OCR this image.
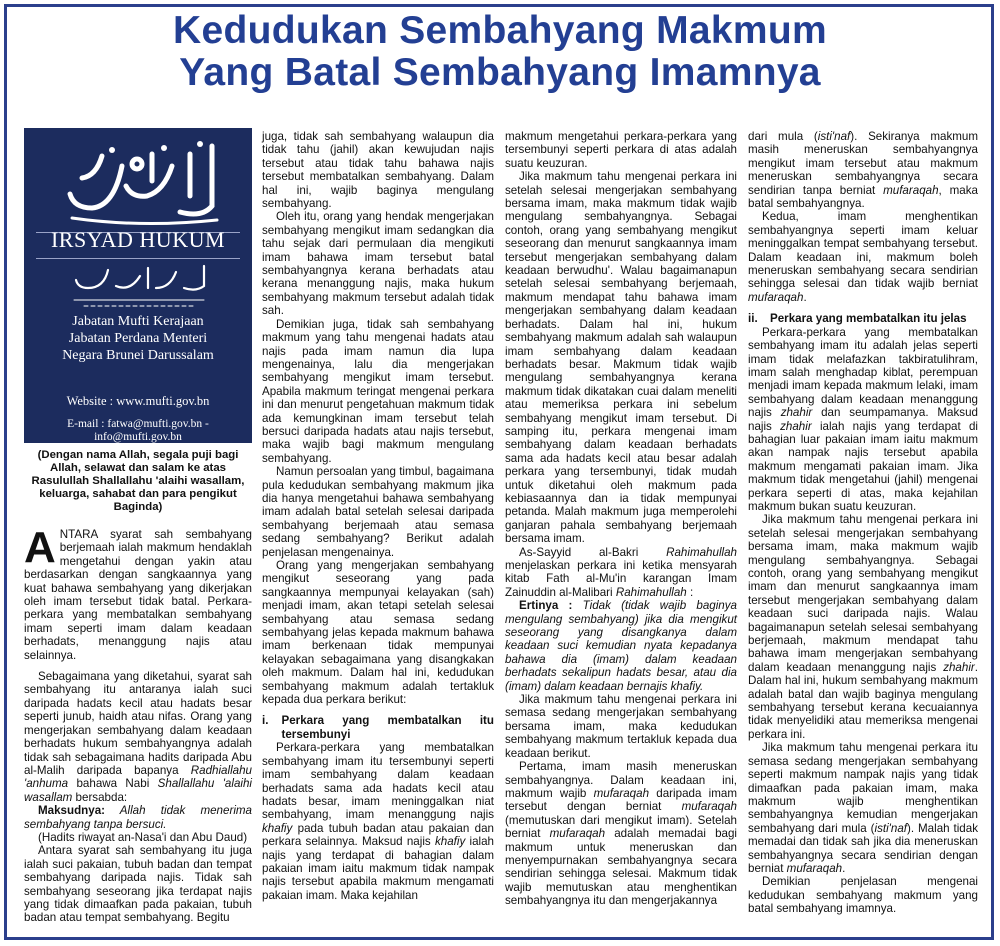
Kedudukan Sembahyang Makmum
Yang Batal Sembahyang Imamnya
IRSYAD HUKUM
Jabatan Mufti Kerajaan
Jabatan Perdana Menteri
Negara Brunei Darussalam
Website : www.mufti.gov.bn
E-mail : fatwa@mufti.gov.bn - info@mufti.gov.bn
(Dengan nama Allah, segala puji bagi Allah, selawat dan salam ke atas Rasulullah Shallallahu 'alaihi wasallam, keluarga, sahabat dan para pengikut Baginda)

ANTARA syarat sah sembahyang berjemaah ialah makmum hendaklah mengetahui dengan yakin atau berdasarkan dengan sangkaannya yang kuat bahawa sembahyang yang dikerjakan oleh imam tersebut tidak batal. Perkara-perkara yang membatalkan sembahyang imam seperti imam dalam keadaan berhadats, menanggung najis atau selainnya.

Sebagaimana yang diketahui, syarat sah sembahyang itu antaranya ialah suci daripada hadats kecil atau hadats besar seperti junub, haidh atau nifas. Orang yang mengerjakan sembahyang dalam keadaan berhadats hukum sembahyangnya adalah tidak sah sebagaimana hadits daripada Abu al-Malih daripada bapanya Radhiallahu 'anhuma bahawa Nabi Shallallahu 'alaihi wasallam bersabda:

Maksudnya: Allah tidak menerima sembahyang tanpa bersuci.

(Hadits riwayat an-Nasa'i dan Abu Daud)

Antara syarat sah sembahyang itu juga ialah suci pakaian, tubuh badan dan tempat sembahyang daripada najis. Tidak sah sembahyang seseorang jika terdapat najis yang tidak dimaafkan pada pakaian, tubuh badan atau tempat sembahyang. Begitu

juga, tidak sah sembahyang walaupun dia tidak tahu (jahil) akan kewujudan najis tersebut atau tidak tahu bahawa najis tersebut membatalkan sembahyang. Dalam hal ini, wajib baginya mengulang sembahyang.

Oleh itu, orang yang hendak mengerjakan sembahyang mengikut imam sedangkan dia tahu sejak dari permulaan dia mengikuti imam bahawa imam tersebut batal sembahyangnya kerana berhadats atau kerana menanggung najis, maka hukum sembahyang makmum tersebut adalah tidak sah.

Demikian juga, tidak sah sembahyang makmum yang tahu mengenai hadats atau najis pada imam namun dia lupa mengenainya, lalu dia mengerjakan sembahyang mengikut imam tersebut. Apabila makmum teringat mengenai perkara ini dan menurut pengetahuan makmum tidak ada kemungkinan imam tersebut telah bersuci daripada hadats atau najis tersebut, maka wajib bagi makmum mengulang sembahyang.

Namun persoalan yang timbul, bagaimana pula kedudukan sembahyang makmum jika dia hanya mengetahui bahawa sembahyang imam adalah batal setelah selesai daripada sembahyang berjemaah atau semasa sedang sembahyang? Berikut adalah penjelasan mengenainya.

Orang yang mengerjakan sembahyang mengikut seseorang yang pada sangkaannya mempunyai kelayakan (sah) menjadi imam, akan tetapi setelah selesai sembahyang atau semasa sedang sembahyang jelas kepada makmum bahawa imam berkenaan tidak mempunyai kelayakan sebagaimana yang disangkakan oleh makmum. Dalam hal ini, kedudukan sembahyang makmum adalah tertakluk kepada dua perkara berikut:

i.	Perkara yang membatalkan itu tersembunyi

Perkara-perkara yang membatalkan sembahyang imam itu tersembunyi seperti imam sembahyang dalam keadaan berhadats sama ada hadats kecil atau hadats besar, imam meninggalkan niat sembahyang, imam menanggung najis khafiy pada tubuh badan atau pakaian dan perkara selainnya. Maksud najis khafiy ialah najis yang terdapat di bahagian dalam pakaian imam iaitu makmum tidak nampak najis tersebut apabila makmum mengamati pakaian imam. Maka kejahilan

makmum mengetahui perkara-perkara yang tersembunyi seperti perkara di atas adalah suatu keuzuran.

Jika makmum tahu mengenai perkara ini setelah selesai mengerjakan sembahyang bersama imam, maka makmum tidak wajib mengulang sembahyangnya. Sebagai contoh, orang yang sembahyang mengikut seseorang dan menurut sangkaannya imam tersebut mengerjakan sembahyang dalam keadaan berwudhu'. Walau bagaimanapun setelah selesai sembahyang berjemaah, makmum mendapat tahu bahawa imam mengerjakan sembahyang dalam keadaan berhadats. Dalam hal ini, hukum sembahyang makmum adalah sah walaupun imam sembahyang dalam keadaan berhadats besar. Makmum tidak wajib mengulang sembahyangnya kerana makmum tidak dikatakan cuai dalam meneliti atau memeriksa perkara ini sebelum sembahyang mengikut imam tersebut. Di samping itu, perkara mengenai imam sembahyang dalam keadaan berhadats sama ada hadats kecil atau besar adalah perkara yang tersembunyi, tidak mudah untuk diketahui oleh makmum pada kebiasaannya dan ia tidak mempunyai petanda. Malah makmum juga memperolehi ganjaran pahala sembahyang berjemaah bersama imam.

As-Sayyid al-Bakri Rahimahullah menjelaskan perkara ini ketika mensyarah kitab Fath al-Mu'in karangan Imam Zainuddin al-Malibari Rahimahullah :

Ertinya : Tidak (tidak wajib baginya mengulang sembahyang) jika dia mengikut seseorang yang disangkanya dalam keadaan suci kemudian nyata kepadanya bahawa dia (imam) dalam keadaan berhadats sekalipun hadats besar, atau dia (imam) dalam keadaan bernajis khafiy.

Jika makmum tahu mengenai perkara ini semasa sedang mengerjakan sembahyang bersama imam, maka kedudukan sembahyang makmum tertakluk kepada dua keadaan berikut.

Pertama, imam masih meneruskan sembahyangnya. Dalam keadaan ini, makmum wajib mufaraqah daripada imam tersebut dengan berniat mufaraqah (memutuskan dari mengikut imam). Setelah berniat mufaraqah adalah memadai bagi makmum untuk meneruskan dan menyempurnakan sembahyangnya secara sendirian sehingga selesai. Makmum tidak wajib memutuskan atau menghentikan sembahyangnya itu dan mengerjakannya

dari mula (isti'naf). Sekiranya makmum masih meneruskan sembahyangnya mengikut imam tersebut atau makmum meneruskan sembahyangnya secara sendirian tanpa berniat mufaraqah, maka batal sembahyangnya.

Kedua, imam menghentikan sembahyangnya seperti imam keluar meninggalkan tempat sembahyang tersebut. Dalam keadaan ini, makmum boleh meneruskan sembahyang secara sendirian sehingga selesai dan tidak wajib berniat mufaraqah.

ii.	Perkara yang membatalkan itu jelas

Perkara-perkara yang membatalkan sembahyang imam itu adalah jelas seperti imam tidak melafazkan takbiratulihram, imam salah menghadap kiblat, perempuan menjadi imam kepada makmum lelaki, imam sembahyang dalam keadaan menanggung najis zhahir dan seumpamanya. Maksud najis zhahir ialah najis yang terdapat di bahagian luar pakaian imam iaitu makmum akan nampak najis tersebut apabila makmum mengamati pakaian imam. Jika makmum tidak mengetahui (jahil) mengenai perkara seperti di atas, maka kejahilan makmum bukan suatu keuzuran.

Jika makmum tahu mengenai perkara ini setelah selesai mengerjakan sembahyang bersama imam, maka makmum wajib mengulang sembahyangnya. Sebagai contoh, orang yang sembahyang mengikut imam dan menurut sangkaannya imam tersebut mengerjakan sembahyang dalam keadaan suci daripada najis. Walau bagaimanapun setelah selesai sembahyang berjemaah, makmum mendapat tahu bahawa imam mengerjakan sembahyang dalam keadaan menanggung najis zhahir. Dalam hal ini, hukum sembahyang makmum adalah batal dan wajib baginya mengulang sembahyang tersebut kerana kecuaiannya tidak menyelidiki atau memeriksa mengenai perkara ini.

Jika makmum tahu mengenai perkara itu semasa sedang mengerjakan sembahyang seperti makmum nampak najis yang tidak dimaafkan pada pakaian imam, maka makmum wajib menghentikan sembahyangnya kemudian mengerjakan sembahyang dari mula (isti'naf). Malah tidak memadai dan tidak sah jika dia meneruskan sembahyangnya secara sendirian dengan berniat mufaraqah.

Demikian penjelasan mengenai kedudukan sembahyang makmum yang batal sembahyang imamnya.
